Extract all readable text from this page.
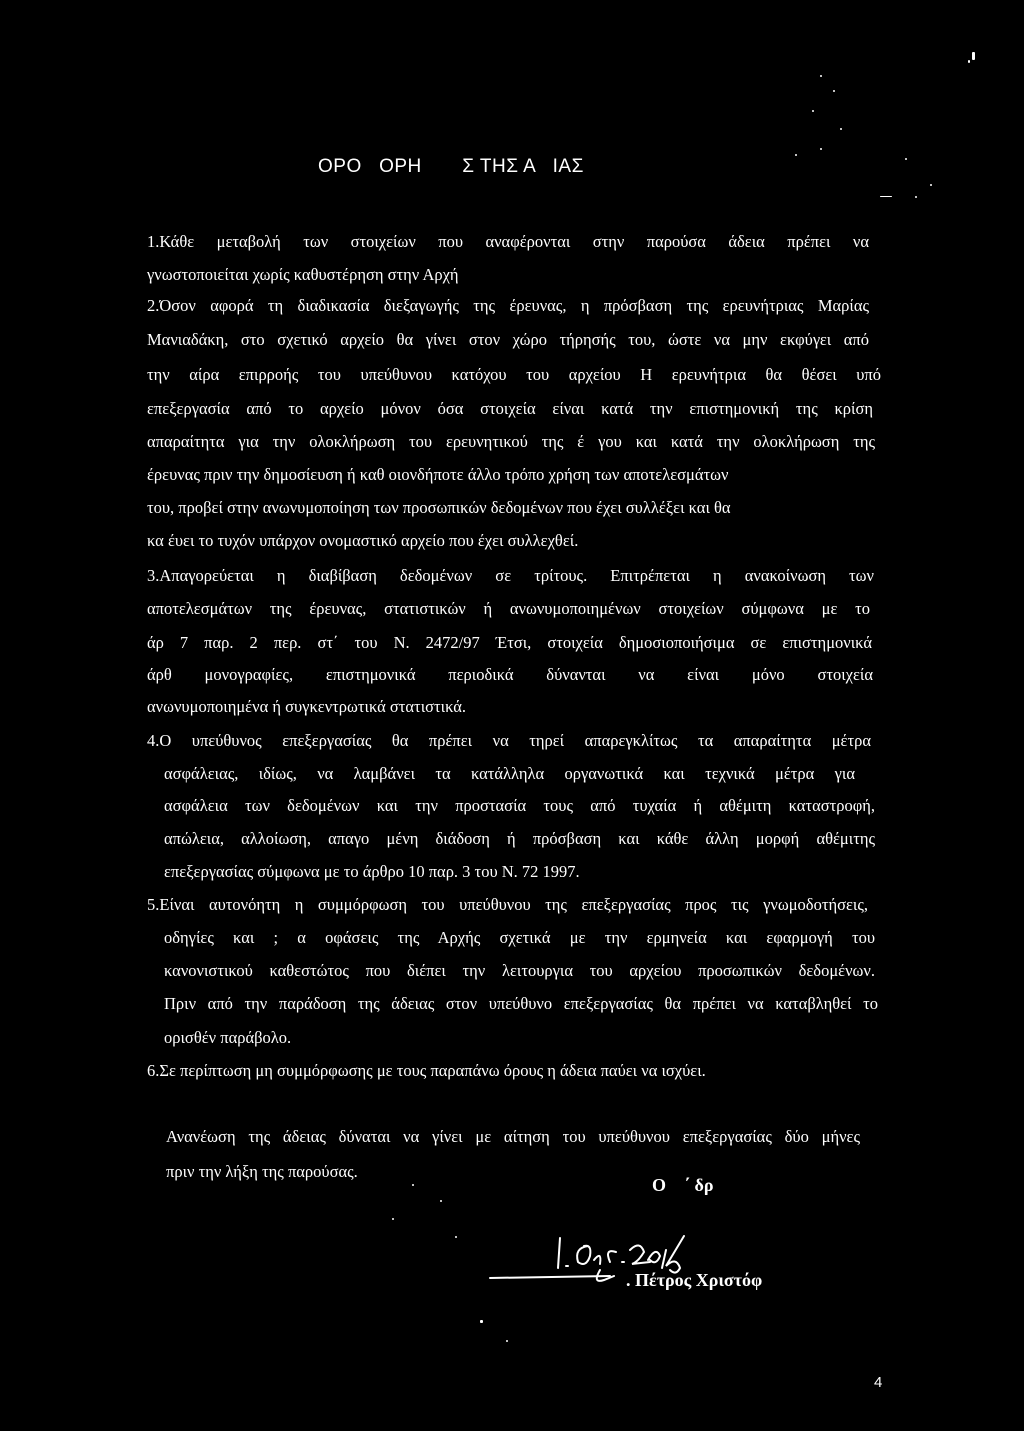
ΟΡΟ   ΟΡΗ       Σ ΤΗΣ Α   ΙΑΣ
1.Κάθε μεταβολή των στοιχείων που αναφέρονται στην παρούσα άδεια πρέπει να
γνωστοποιείται χωρίς καθυστέρηση στην Αρχή
2.Όσον αφορά τη διαδικασία διεξαγωγής της έρευνας, η πρόσβαση της ερευνήτριας Μαρίας
Μανιαδάκη, στο σχετικό αρχείο θα γίνει στον χώρο τήρησής του, ώστε να μην εκφύγει από
την αίρα επιρροής του υπεύθυνου κατόχου του αρχείου Η ερευνήτρια θα θέσει υπό
επεξεργασία από το αρχείο μόνον όσα στοιχεία είναι κατά την επιστημονική της κρίση
απαραίτητα για την ολοκλήρωση του ερευνητικού της έ γου και κατά την ολοκλήρωση της
έρευνας πριν την δημοσίευση ή καθ οιονδήποτε άλλο τρόπο χρήση των αποτελεσμάτων
του, προβεί στην ανωνυμοποίηση των προσωπικών δεδομένων που έχει συλλέξει και θα
κα έυει το τυχόν υπάρχον ονομαστικό αρχείο που έχει συλλεχθεί.
3.Απαγορεύεται η διαβίβαση δεδομένων σε τρίτους. Επιτρέπεται η ανακοίνωση των
αποτελεσμάτων της έρευνας, στατιστικών ή ανωνυμοποιημένων στοιχείων σύμφωνα με το
άρ 7 παρ. 2 περ. στ΄ του Ν. 2472/97 Έτσι, στοιχεία δημοσιοποιήσιμα σε επιστημονικά
άρθ μονογραφίες, επιστημονικά περιοδικά δύνανται να είναι μόνο στοιχεία
ανωνυμοποιημένα ή συγκεντρωτικά στατιστικά.
4.Ο υπεύθυνος επεξεργασίας θα πρέπει να τηρεί απαρεγκλίτως τα απαραίτητα μέτρα
ασφάλειας, ιδίως, να λαμβάνει τα κατάλληλα οργανωτικά και τεχνικά μέτρα για
ασφάλεια των δεδομένων και την προστασία τους από τυχαία ή αθέμιτη καταστροφή,
απώλεια, αλλοίωση, απαγο μένη διάδοση ή πρόσβαση και κάθε άλλη μορφή αθέμιτης
επεξεργασίας σύμφωνα με το άρθρο 10 παρ. 3 του Ν. 72 1997.
5.Είναι αυτονόητη η συμμόρφωση του υπεύθυνου της επεξεργασίας προς τις γνωμοδοτήσεις,
οδηγίες και ; α οφάσεις της Αρχής σχετικά με την ερμηνεία και εφαρμογή του
κανονιστικού καθεστώτος που διέπει την λειτουργια του αρχείου προσωπικών δεδομένων.
Πριν από την παράδοση της άδειας στον υπεύθυνο επεξεργασίας θα πρέπει να καταβληθεί το
ορισθέν παράβολο.
6.Σε περίπτωση μη συμμόρφωσης με τους παραπάνω όρους η άδεια παύει να ισχύει.
Ανανέωση της άδειας δύναται να γίνει με αίτηση του υπεύθυνου επεξεργασίας δύο μήνες
πριν την λήξη της παρούσας.
Ο    ΄ δρ
. Πέτρος Χριστόφ
4
